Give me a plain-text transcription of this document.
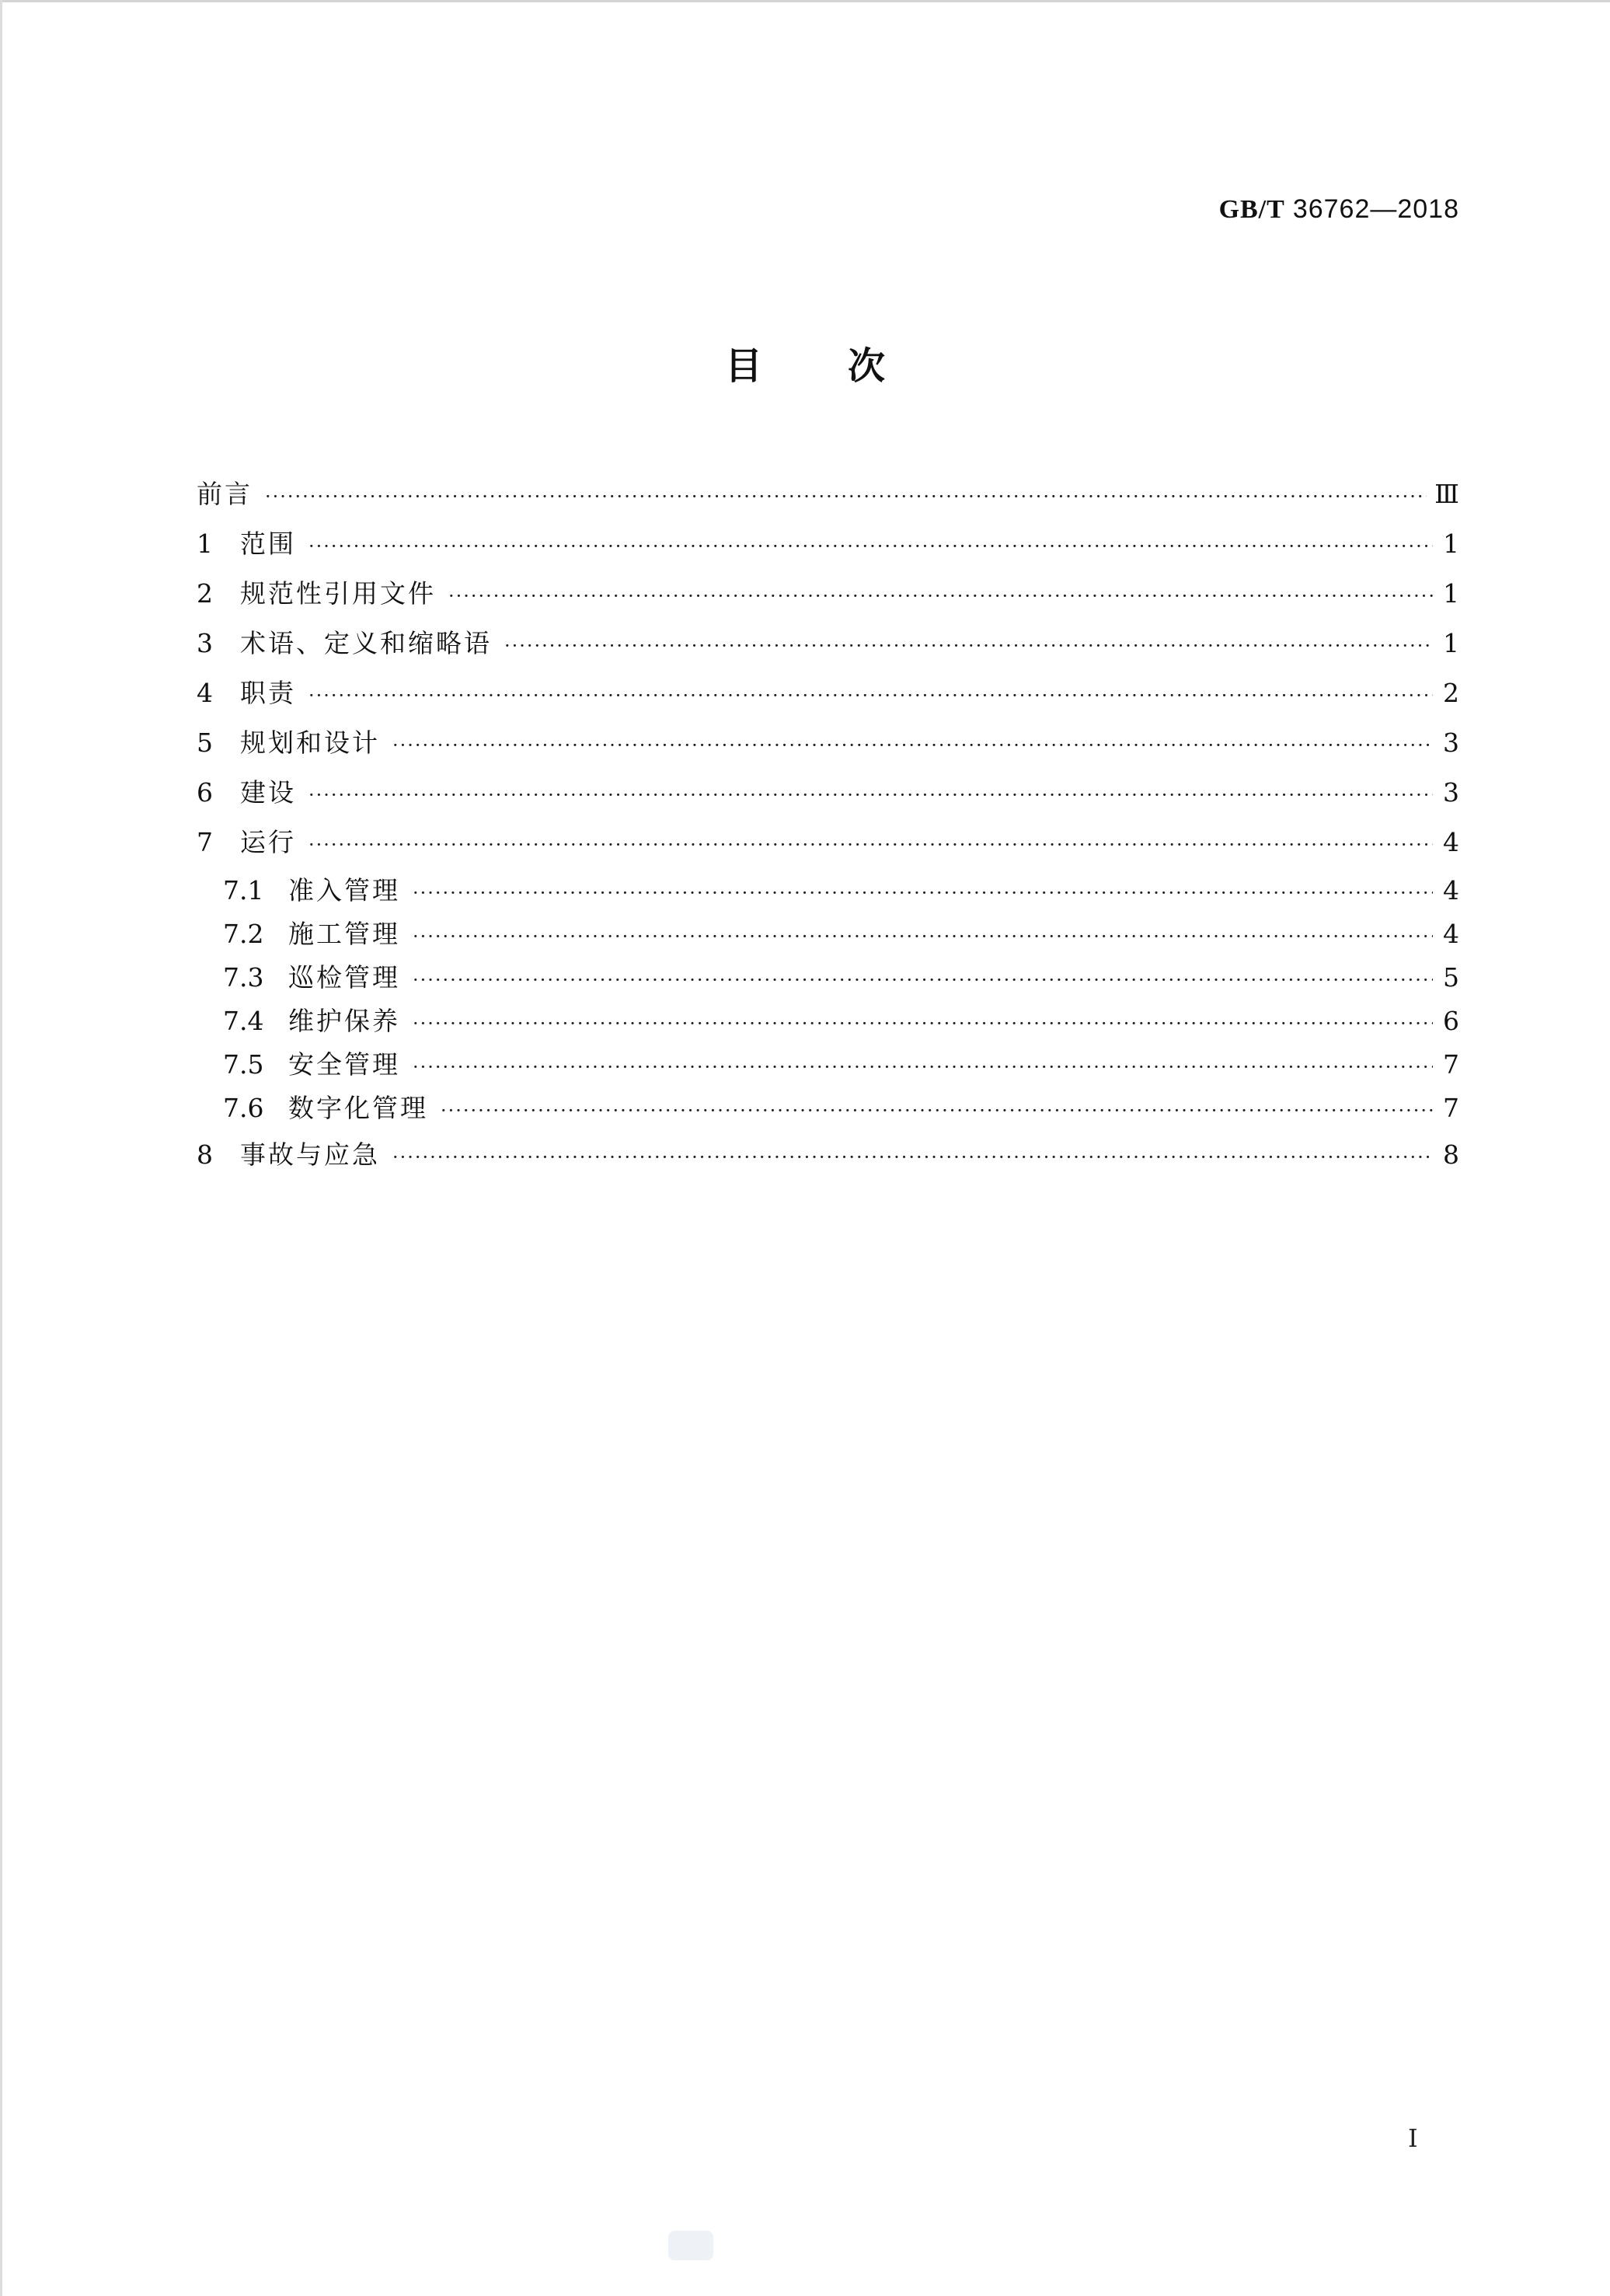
GB/T 36762—2018
目次
前言 ·····	Ⅲ
1	范围 ·····	1
2	规范性引用文件 ·····	1
3	术语、定义和缩略语 ·····	1
4	职责 ·····	2
5	规划和设计 ·····	3
6	建设 ·····	3
7	运行 ·····	4
7.1 准入管理 ·····	4
7.2 施工管理 ·····	4
7.3 巡检管理 ·····	5
7.4 维护保养 ·····	6
7.5 安全管理 ·····	7
7.6 数字化管理 ·····	7
8	事故与应急 ·····	8
I
